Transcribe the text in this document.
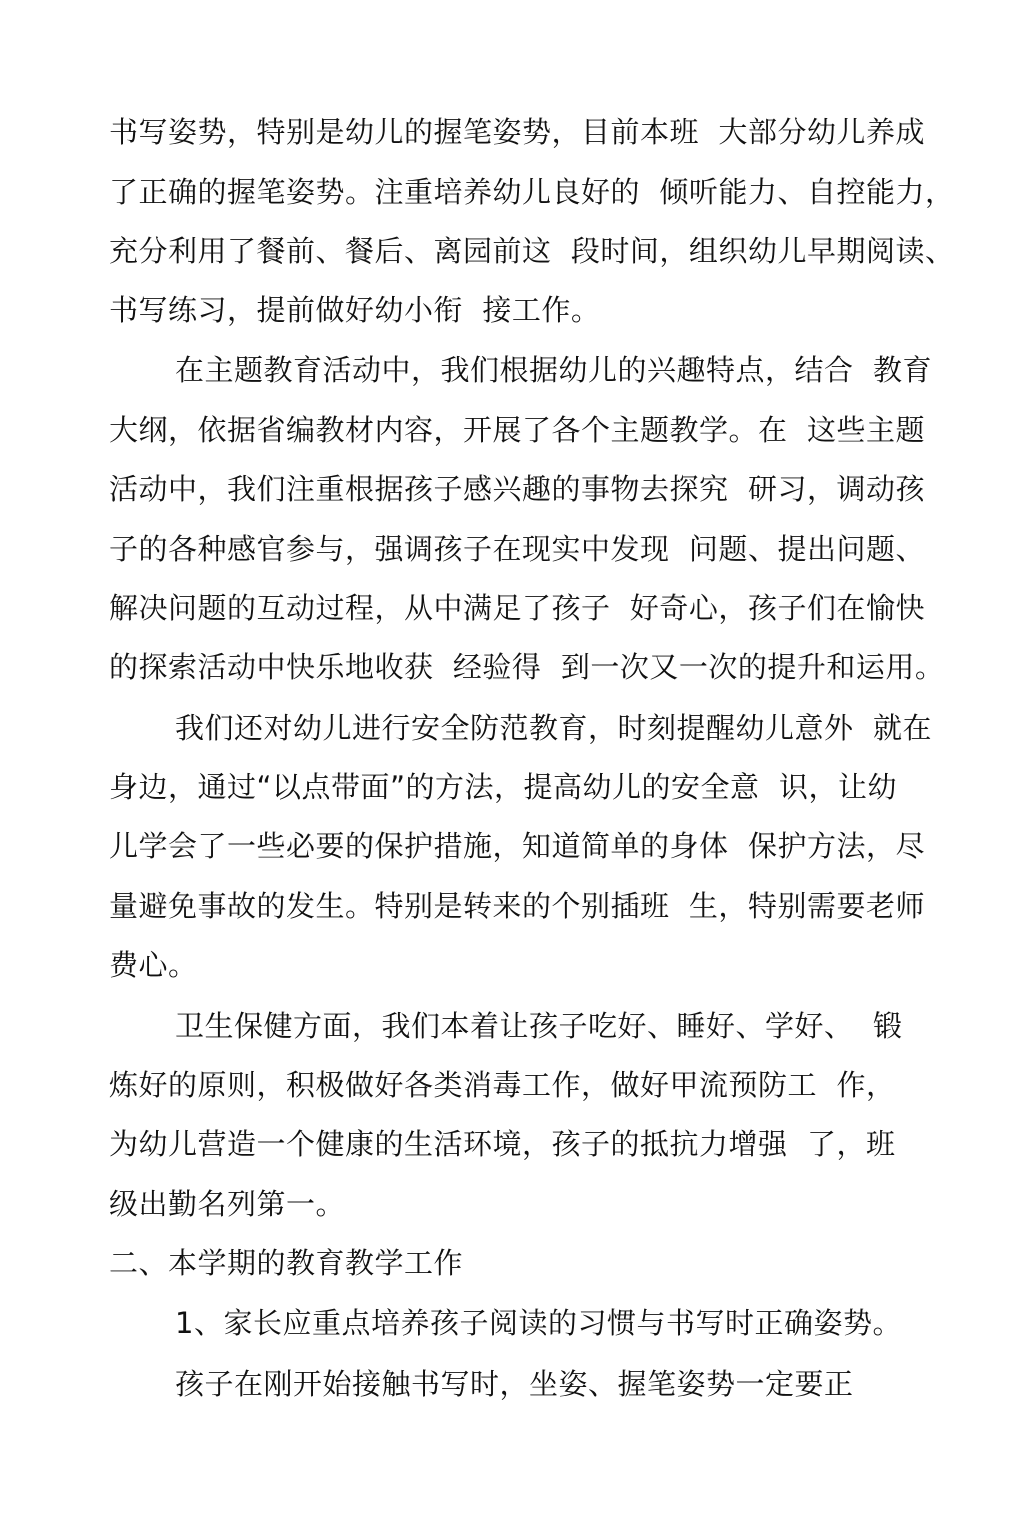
书写姿势，特别是幼儿的握笔姿势，目前本班  大部分幼儿养成
了正确的握笔姿势。注重培养幼儿良好的  倾听能力、自控能力，
充分利用了餐前、餐后、离园前这  段时间，组织幼儿早期阅读、
书写练习，提前做好幼小衔  接工作。
在主题教育活动中，我们根据幼儿的兴趣特点，结合  教育
大纲，依据省编教材内容，开展了各个主题教学。在  这些主题
活动中，我们注重根据孩子感兴趣的事物去探究  研习，调动孩
子的各种感官参与，强调孩子在现实中发现  问题、提出问题、
解决问题的互动过程，从中满足了孩子  好奇心，孩子们在愉快
的探索活动中快乐地收获  经验得  到一次又一次的提升和运用。
我们还对幼儿进行安全防范教育，时刻提醒幼儿意外  就在
身边，通过“以点带面”的方法，提高幼儿的安全意  识，让幼
儿学会了一些必要的保护措施，知道简单的身体  保护方法，尽
量避免事故的发生。特别是转来的个别插班  生，特别需要老师
费心。
卫生保健方面，我们本着让孩子吃好、睡好、学好、  锻
炼好的原则，积极做好各类消毒工作，做好甲流预防工  作，
为幼儿营造一个健康的生活环境，孩子的抵抗力增强  了，班
级出勤名列第一。
二、本学期的教育教学工作
1、家长应重点培养孩子阅读的习惯与书写时正确姿势。
孩子在刚开始接触书写时，坐姿、握笔姿势一定要正
